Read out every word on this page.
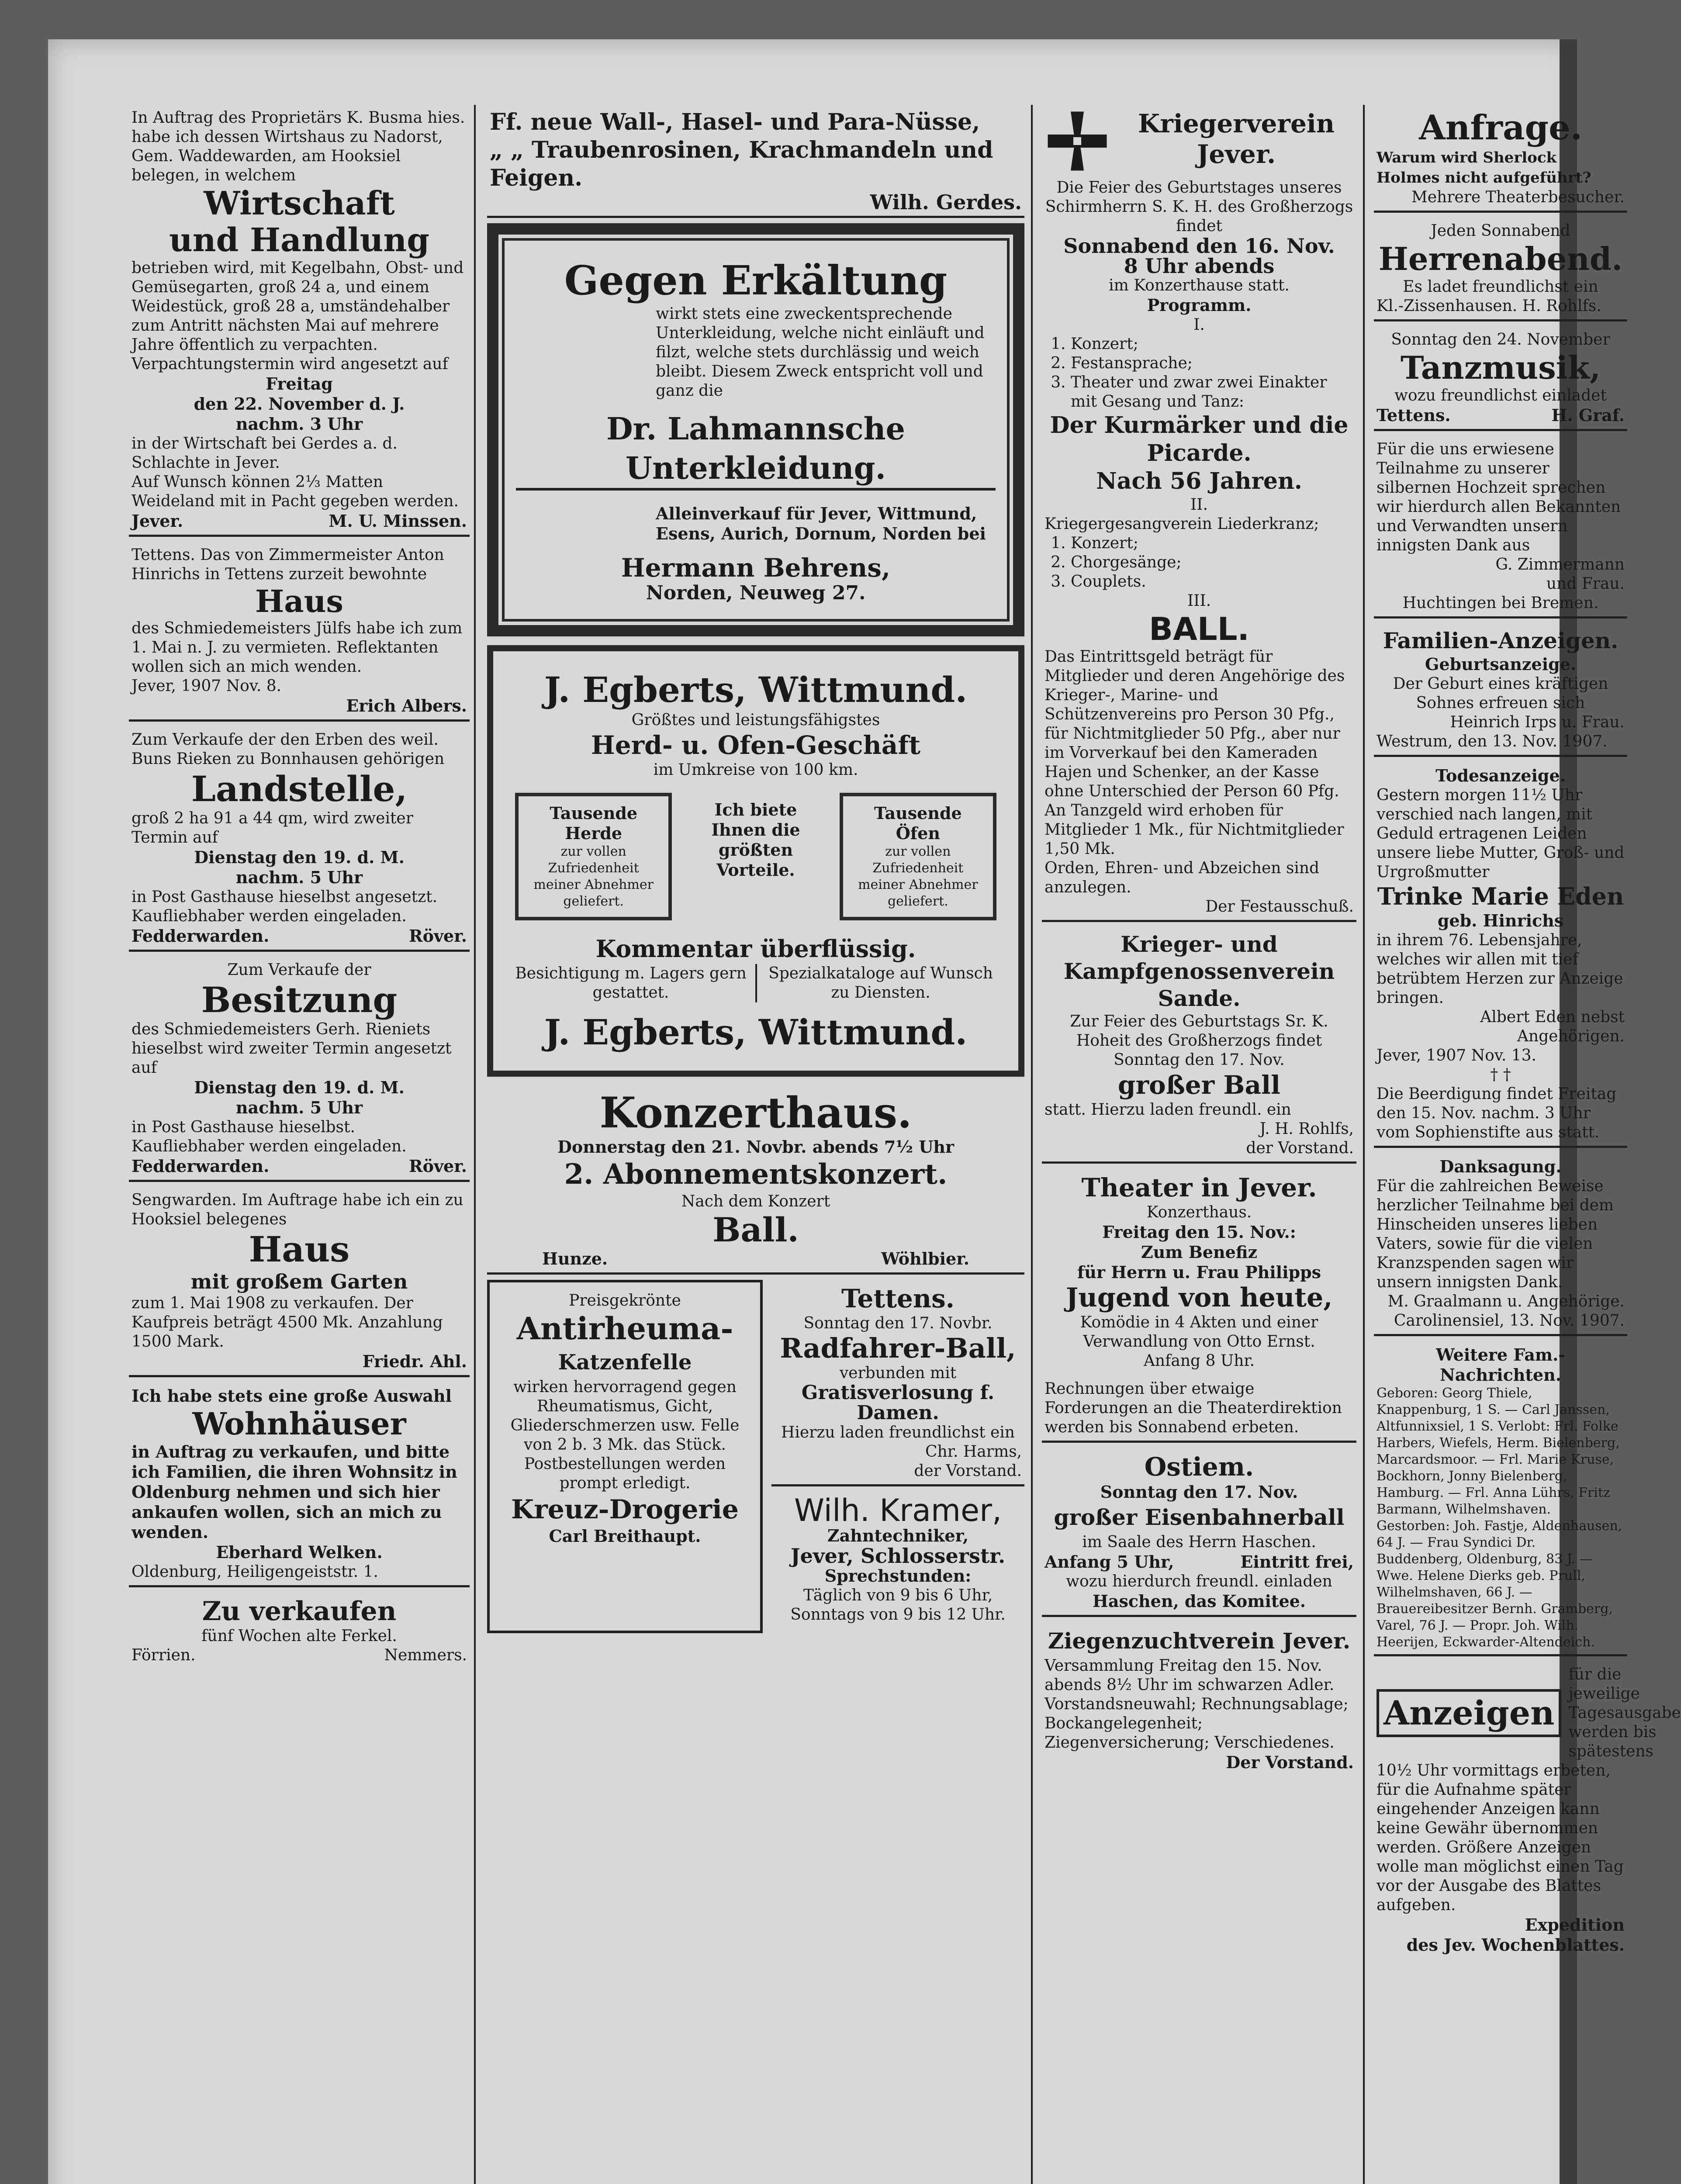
In Auftrag des Proprietärs K. Busma hies. habe ich dessen Wirtshaus zu Nadorst, Gem. Waddewarden, am Hooksiel belegen, in welchem
Wirtschaft
und Handlung
betrieben wird, mit Kegelbahn, Obst- und Gemüsegarten, groß 24 a, und einem Weidestück, groß 28 a, umständehalber zum Antritt nächsten Mai auf mehrere Jahre öffentlich zu verpachten.
Verpachtungstermin wird angesetzt auf
Freitag
den 22. November d. J.
nachm. 3 Uhr
in der Wirtschaft bei Gerdes a. d. Schlachte in Jever.
Auf Wunsch können 2⅓ Matten Weideland mit in Pacht gegeben werden.
Jever.	M. U. Minssen.
Tettens. Das von Zimmermeister Anton Hinrichs in Tettens zurzeit bewohnte
Haus
des Schmiedemeisters Jülfs habe ich zum 1. Mai n. J. zu vermieten. Reflektanten wollen sich an mich wenden.
Jever, 1907 Nov. 8.
Erich Albers.
Zum Verkaufe der den Erben des weil. Buns Rieken zu Bonnhausen gehörigen
Landstelle,
groß 2 ha 91 a 44 qm, wird zweiter Termin auf
Dienstag den 19. d. M.
nachm. 5 Uhr
in Post Gasthause hieselbst angesetzt.
Kaufliebhaber werden eingeladen.
Fedderwarden.	Röver.
Zum Verkaufe der
Besitzung
des Schmiedemeisters Gerh. Rieniets hieselbst wird zweiter Termin angesetzt auf
Dienstag den 19. d. M.
nachm. 5 Uhr
in Post Gasthause hieselbst.
Kaufliebhaber werden eingeladen.
Fedderwarden.	Röver.
Sengwarden. Im Auftrage habe ich ein zu Hooksiel belegenes
Haus
mit großem Garten
zum 1. Mai 1908 zu verkaufen. Der Kaufpreis beträgt 4500 Mk. Anzahlung 1500 Mark.
Friedr. Ahl.
Ich habe stets eine große Auswahl
Wohnhäuser
in Auftrag zu verkaufen, und bitte ich Familien, die ihren Wohnsitz in Oldenburg nehmen und sich hier ankaufen wollen, sich an mich zu wenden.
Eberhard Welken.
Oldenburg, Heiligengeiststr. 1.
Zu verkaufen
fünf Wochen alte Ferkel.
Förrien.	Nemmers.
Ff. neue Wall-, Hasel- und Para-Nüsse,
„ „ Traubenrosinen, Krachmandeln und Feigen.
Wilh. Gerdes.
Gegen Erkältung
wirkt stets eine zweckentsprechende Unterkleidung, welche nicht einläuft und filzt, welche stets durchlässig und weich bleibt. Diesem Zweck entspricht voll und ganz die
Dr. Lahmannsche Unterkleidung.
Alleinverkauf für Jever, Wittmund, Esens, Aurich, Dornum, Norden bei
Hermann Behrens,
Norden, Neuweg 27.
J. Egberts, Wittmund.
Größtes und leistungsfähigstes
Herd- u. Ofen-Geschäft
im Umkreise von 100 km.
Tausende
Herde
zur vollen Zufriedenheit meiner Abnehmer geliefert.
Ich biete Ihnen die größten Vorteile.
Tausende
Öfen
zur vollen Zufriedenheit meiner Abnehmer geliefert.
Kommentar überflüssig.
Besichtigung m. Lagers gern gestattet.
Spezialkataloge auf Wunsch zu Diensten.
J. Egberts, Wittmund.
Konzerthaus.
Donnerstag den 21. Novbr. abends 7½ Uhr
2. Abonnementskonzert.
Nach dem Konzert
Ball.
Hunze.	Wöhlbier.
Preisgekrönte
Antirheuma-
Katzenfelle
wirken hervorragend gegen Rheumatismus, Gicht, Gliederschmerzen usw. Felle von 2 b. 3 Mk. das Stück. Postbestellungen werden prompt erledigt.
Kreuz-Drogerie
Carl Breithaupt.
Tettens.
Sonntag den 17. Novbr.
Radfahrer-Ball,
verbunden mit
Gratisverlosung f. Damen.
Hierzu laden freundlichst ein
Chr. Harms,
der Vorstand.
Wilh. Kramer,
Zahntechniker,
Jever, Schlosserstr.
Sprechstunden:
Täglich von 9 bis 6 Uhr,
Sonntags von 9 bis 12 Uhr.
Kriegerverein
Jever.
Die Feier des Geburtstages unseres Schirmherrn S. K. H. des Großherzogs findet
Sonnabend den 16. Nov.
8 Uhr abends
im Konzerthause statt.
Programm.
I.
1. Konzert;
2. Festansprache;
3. Theater und zwar zwei Einakter mit Gesang und Tanz:
Der Kurmärker und die Picarde.
Nach 56 Jahren.
II.
Kriegergesangverein Liederkranz;
1. Konzert;
2. Chorgesänge;
3. Couplets.
III.
BALL.
Das Eintrittsgeld beträgt für Mitglieder und deren Angehörige des Krieger-, Marine- und Schützenvereins pro Person 30 Pfg., für Nichtmitglieder 50 Pfg., aber nur im Vorverkauf bei den Kameraden Hajen und Schenker, an der Kasse ohne Unterschied der Person 60 Pfg. An Tanzgeld wird erhoben für Mitglieder 1 Mk., für Nichtmitglieder 1,50 Mk.
Orden, Ehren- und Abzeichen sind anzulegen.
Der Festausschuß.
Krieger- und Kampfgenossenverein Sande.
Zur Feier des Geburtstags Sr. K. Hoheit des Großherzogs findet Sonntag den 17. Nov.
großer Ball
statt. Hierzu laden freundl. ein
J. H. Rohlfs,
der Vorstand.
Theater in Jever.
Konzerthaus.
Freitag den 15. Nov.:
Zum Benefiz
für Herrn u. Frau Philipps
Jugend von heute,
Komödie in 4 Akten und einer Verwandlung von Otto Ernst.
Anfang 8 Uhr.
Rechnungen über etwaige Forderungen an die Theaterdirektion werden bis Sonnabend erbeten.
Ostiem.
Sonntag den 17. Nov.
großer Eisenbahnerball
im Saale des Herrn Haschen.
Anfang 5 Uhr,	Eintritt frei,
wozu hierdurch freundl. einladen
Haschen, das Komitee.
Ziegenzuchtverein Jever.
Versammlung Freitag den 15. Nov. abends 8½ Uhr im schwarzen Adler.
Vorstandsneuwahl; Rechnungsablage; Bockangelegenheit; Ziegenversicherung; Verschiedenes.
Der Vorstand.
Anfrage.
Warum wird Sherlock Holmes nicht aufgeführt?
Mehrere Theaterbesucher.
Jeden Sonnabend
Herrenabend.
Es ladet freundlichst ein
Kl.-Zissenhausen. H. Rohlfs.
Sonntag den 24. November
Tanzmusik,
wozu freundlichst einladet
Tettens.	H. Graf.
Für die uns erwiesene Teilnahme zu unserer silbernen Hochzeit sprechen wir hierdurch allen Bekannten und Verwandten unsern innigsten Dank aus
G. Zimmermann
und Frau.
Huchtingen bei Bremen.
Familien-Anzeigen.
Geburtsanzeige.
Der Geburt eines kräftigen Sohnes erfreuen sich
Heinrich Irps u. Frau.
Westrum, den 13. Nov. 1907.
Todesanzeige.
Gestern morgen 11½ Uhr verschied nach langen, mit Geduld ertragenen Leiden unsere liebe Mutter, Groß- und Urgroßmutter
Trinke Marie Eden
geb. Hinrichs
in ihrem 76. Lebensjahre, welches wir allen mit tief betrübtem Herzen zur Anzeige bringen.
Albert Eden nebst Angehörigen.
Jever, 1907 Nov. 13.
† †
Die Beerdigung findet Freitag den 15. Nov. nachm. 3 Uhr vom Sophienstifte aus statt.
Danksagung.
Für die zahlreichen Beweise herzlicher Teilnahme bei dem Hinscheiden unseres lieben Vaters, sowie für die vielen Kranzspenden sagen wir unsern innigsten Dank.
M. Graalmann u. Angehörige.
Carolinensiel, 13. Nov. 1907.
Weitere Fam.-Nachrichten.
Geboren: Georg Thiele, Knappenburg, 1 S. — Carl Janssen, Altfunnixsiel, 1 S. Verlobt: Frl. Folke Harbers, Wiefels, Herm. Bielenberg, Marcardsmoor. — Frl. Marie Kruse, Bockhorn, Jonny Bielenberg, Hamburg. — Frl. Anna Lührs, Fritz Barmann, Wilhelmshaven. Gestorben: Joh. Fastje, Aldenhausen, 64 J. — Frau Syndici Dr. Buddenberg, Oldenburg, 83 J. — Wwe. Helene Dierks geb. Prull, Wilhelmshaven, 66 J. — Brauereibesitzer Bernh. Gramberg, Varel, 76 J. — Propr. Joh. Wilh. Heerijen, Eckwarder-Altendeich.
Anzeigen
für die jeweilige Tagesausgabe werden bis spätestens
10½ Uhr vormittags erbeten, für die Aufnahme später eingehender Anzeigen kann keine Gewähr übernommen werden. Größere Anzeigen wolle man möglichst einen Tag vor der Ausgabe des Blattes aufgeben.
Expedition
des Jev. Wochenblattes.
